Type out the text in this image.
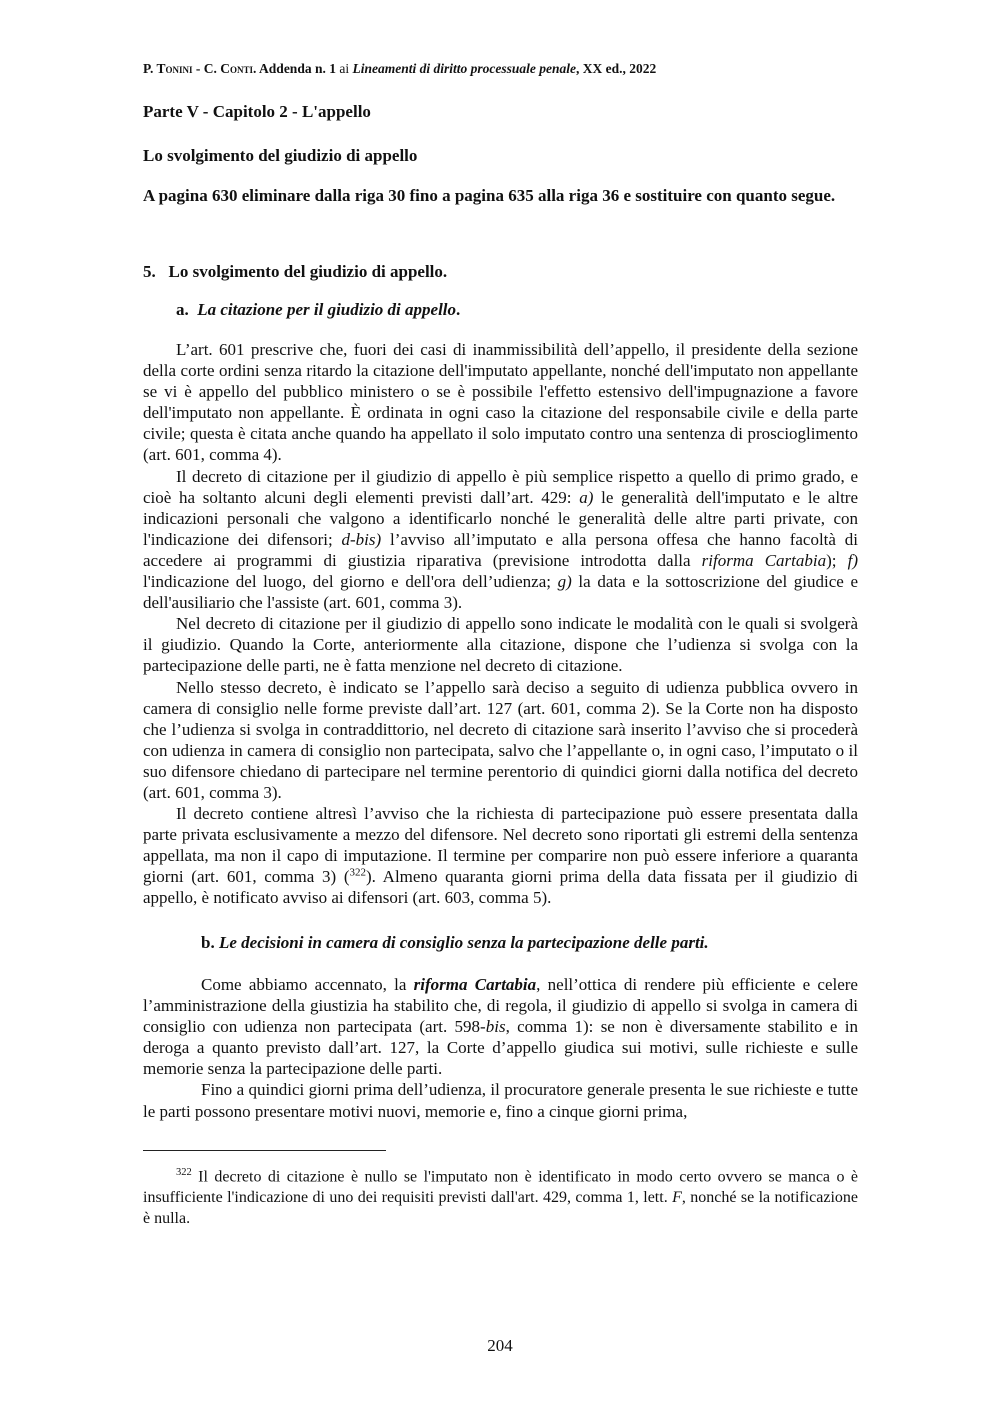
P. Tonini - C. Conti. Addenda n. 1 ai Lineamenti di diritto processuale penale, XX ed., 2022
Parte V - Capitolo 2 - L'appello
Lo svolgimento del giudizio di appello
A pagina 630 eliminare dalla riga 30 fino a pagina 635 alla riga 36 e sostituire con quanto segue.
5.   Lo svolgimento del giudizio di appello.
a. La citazione per il giudizio di appello.
L’art. 601 prescrive che, fuori dei casi di inammissibilità dell’appello, il presidente della sezione della corte ordini senza ritardo la citazione dell'imputato appellante, nonché dell'imputato non appellante se vi è appello del pubblico ministero o se è possibile l'effetto estensivo dell'impugnazione a favore dell'imputato non appellante. È ordinata in ogni caso la citazione del responsabile civile e della parte civile; questa è citata anche quando ha appellato il solo imputato contro una sentenza di proscioglimento (art. 601, comma 4).
Il decreto di citazione per il giudizio di appello è più semplice rispetto a quello di primo grado, e cioè ha soltanto alcuni degli elementi previsti dall’art. 429: a) le generalità dell'imputato e le altre indicazioni personali che valgono a identificarlo nonché le generalità delle altre parti private, con l'indicazione dei difensori; d-bis) l’avviso all’imputato e alla persona offesa che hanno facoltà di accedere ai programmi di giustizia riparativa (previsione introdotta dalla riforma Cartabia); f) l'indicazione del luogo, del giorno e dell'ora dell’udienza; g) la data e la sottoscrizione del giudice e dell'ausiliario che l'assiste (art. 601, comma 3).
Nel decreto di citazione per il giudizio di appello sono indicate le modalità con le quali si svolgerà il giudizio. Quando la Corte, anteriormente alla citazione, dispone che l’udienza si svolga con la partecipazione delle parti, ne è fatta menzione nel decreto di citazione.
Nello stesso decreto, è indicato se l’appello sarà deciso a seguito di udienza pubblica ovvero in camera di consiglio nelle forme previste dall’art. 127 (art. 601, comma 2). Se la Corte non ha disposto che l’udienza si svolga in contraddittorio, nel decreto di citazione sarà inserito l’avviso che si procederà con udienza in camera di consiglio non partecipata, salvo che l’appellante o, in ogni caso, l’imputato o il suo difensore chiedano di partecipare nel termine perentorio di quindici giorni dalla notifica del decreto (art. 601, comma 3).
Il decreto contiene altresì l’avviso che la richiesta di partecipazione può essere presentata dalla parte privata esclusivamente a mezzo del difensore. Nel decreto sono riportati gli estremi della sentenza appellata, ma non il capo di imputazione. Il termine per comparire non può essere inferiore a quaranta giorni (art. 601, comma 3) ($^{322}$). Almeno quaranta giorni prima della data fissata per il giudizio di appello, è notificato avviso ai difensori (art. 603, comma 5).
b. Le decisioni in camera di consiglio senza la partecipazione delle parti.
Come abbiamo accennato, la riforma Cartabia, nell’ottica di rendere più efficiente e celere l’amministrazione della giustizia ha stabilito che, di regola, il giudizio di appello si svolga in camera di consiglio con udienza non partecipata (art. 598-bis, comma 1): se non è diversamente stabilito e in deroga a quanto previsto dall’art. 127, la Corte d’appello giudica sui motivi, sulle richieste e sulle memorie senza la partecipazione delle parti.
Fino a quindici giorni prima dell’udienza, il procuratore generale presenta le sue richieste e tutte le parti possono presentare motivi nuovi, memorie e, fino a cinque giorni prima,
$^{322}$ Il decreto di citazione è nullo se l'imputato non è identificato in modo certo ovvero se manca o è insufficiente l'indicazione di uno dei requisiti previsti dall'art. 429, comma 1, lett. F, nonché se la notificazione è nulla.
204
